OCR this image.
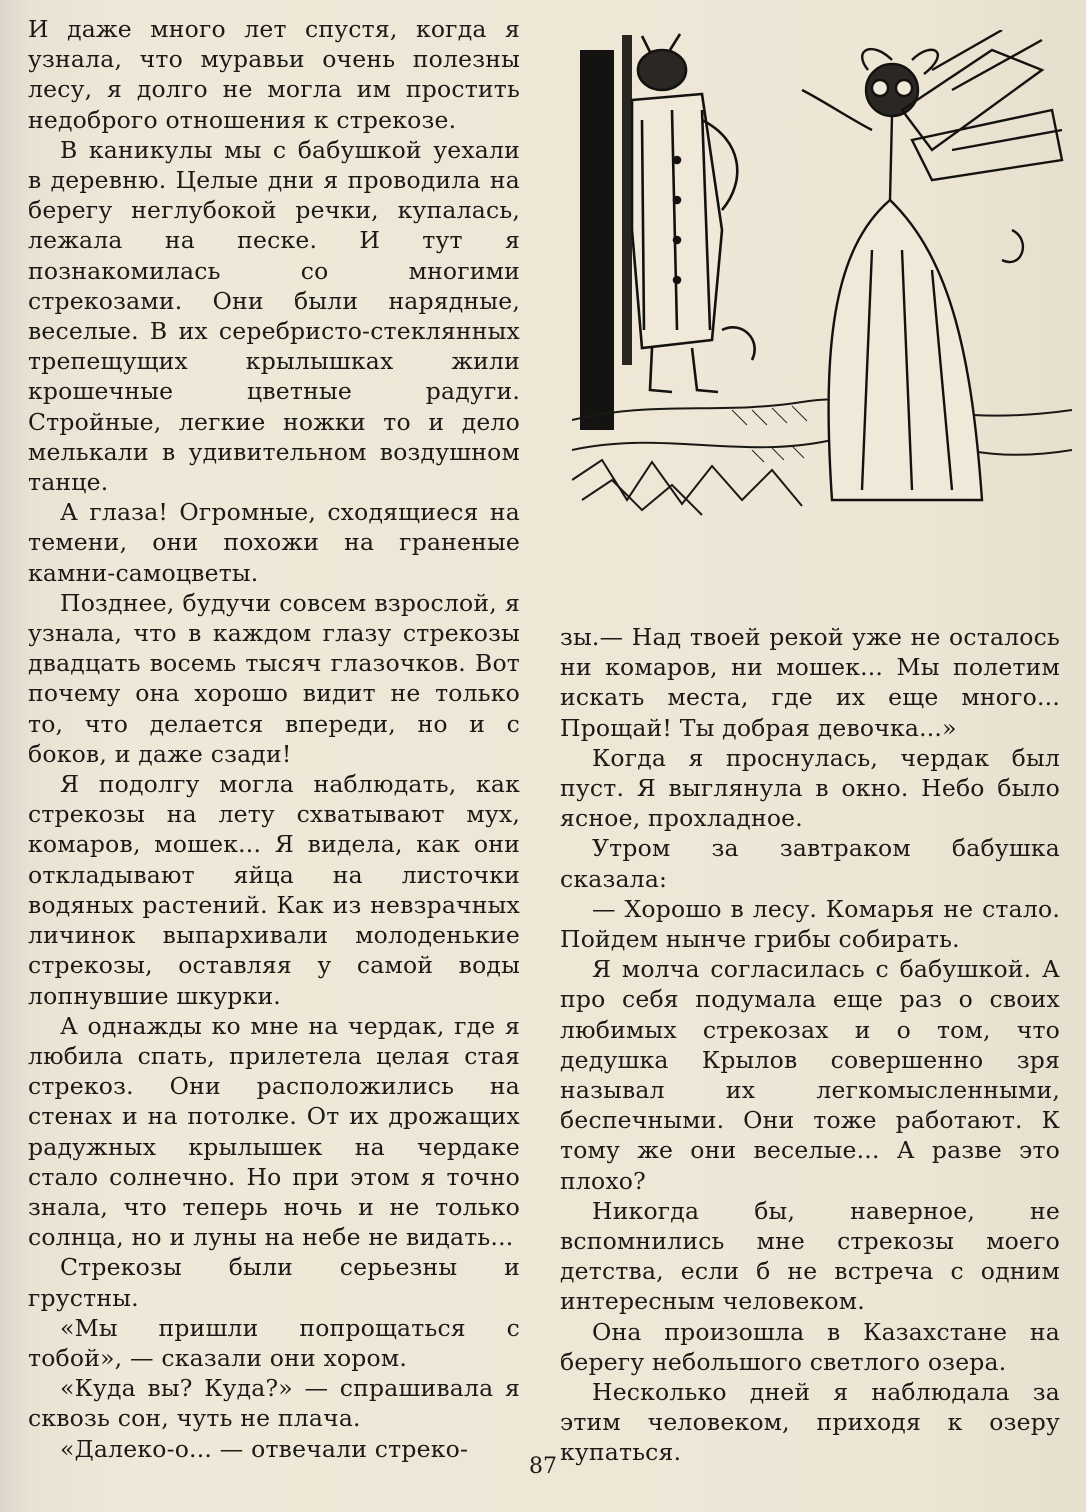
И даже много лет спустя, когда я узнала, что муравьи очень полезны лесу, я долго не могла им простить недоброго отношения к стрекозе.

В каникулы мы с бабушкой уехали в деревню. Целые дни я проводила на берегу неглубокой речки, купалась, лежала на песке. И тут я познакомилась со многими стрекозами. Они были нарядные, веселые. В их серебристо-стеклянных трепещущих крылышках жили крошечные цветные радуги. Стройные, легкие ножки то и дело мелькали в удивительном воздушном танце.

А глаза! Огромные, сходящиеся на темени, они похожи на граненые камни-самоцветы.

Позднее, будучи совсем взрослой, я узнала, что в каждом глазу стрекозы двадцать восемь тысяч глазочков. Вот почему она хорошо видит не только то, что делается впереди, но и с боков, и даже сзади!

Я подолгу могла наблюдать, как стрекозы на лету схватывают мух, комаров, мошек... Я видела, как они откладывают яйца на листочки водяных растений. Как из невзрачных личинок выпархивали молоденькие стрекозы, оставляя у самой воды лопнувшие шкурки.

А однажды ко мне на чердак, где я любила спать, прилетела целая стая стрекоз. Они расположились на стенах и на потолке. От их дрожащих радужных крылышек на чердаке стало солнечно. Но при этом я точно знала, что теперь ночь и не только солнца, но и луны на небе не видать...

Стрекозы были серьезны и грустны.

«Мы пришли попрощаться с тобой», — сказали они хором.

«Куда вы? Куда?» — спрашивала я сквозь сон, чуть не плача.

«Далеко-о... — отвечали стреко-

зы.— Над твоей рекой уже не осталось ни комаров, ни мошек... Мы полетим искать места, где их еще много... Прощай! Ты добрая девочка...»

Когда я проснулась, чердак был пуст. Я выглянула в окно. Небо было ясное, прохладное.

Утром за завтраком бабушка сказала:

— Хорошо в лесу. Комарья не стало. Пойдем нынче грибы собирать.

Я молча согласилась с бабушкой. А про себя подумала еще раз о своих любимых стрекозах и о том, что дедушка Крылов совершенно зря называл их легкомысленными, беспечными. Они тоже работают. К тому же они веселые... А разве это плохо?

Никогда бы, наверное, не вспомнились мне стрекозы моего детства, если б не встреча с одним интересным человеком.

Она произошла в Казахстане на берегу небольшого светлого озера.

Несколько дней я наблюдала за этим человеком, приходя к озеру купаться.

87
